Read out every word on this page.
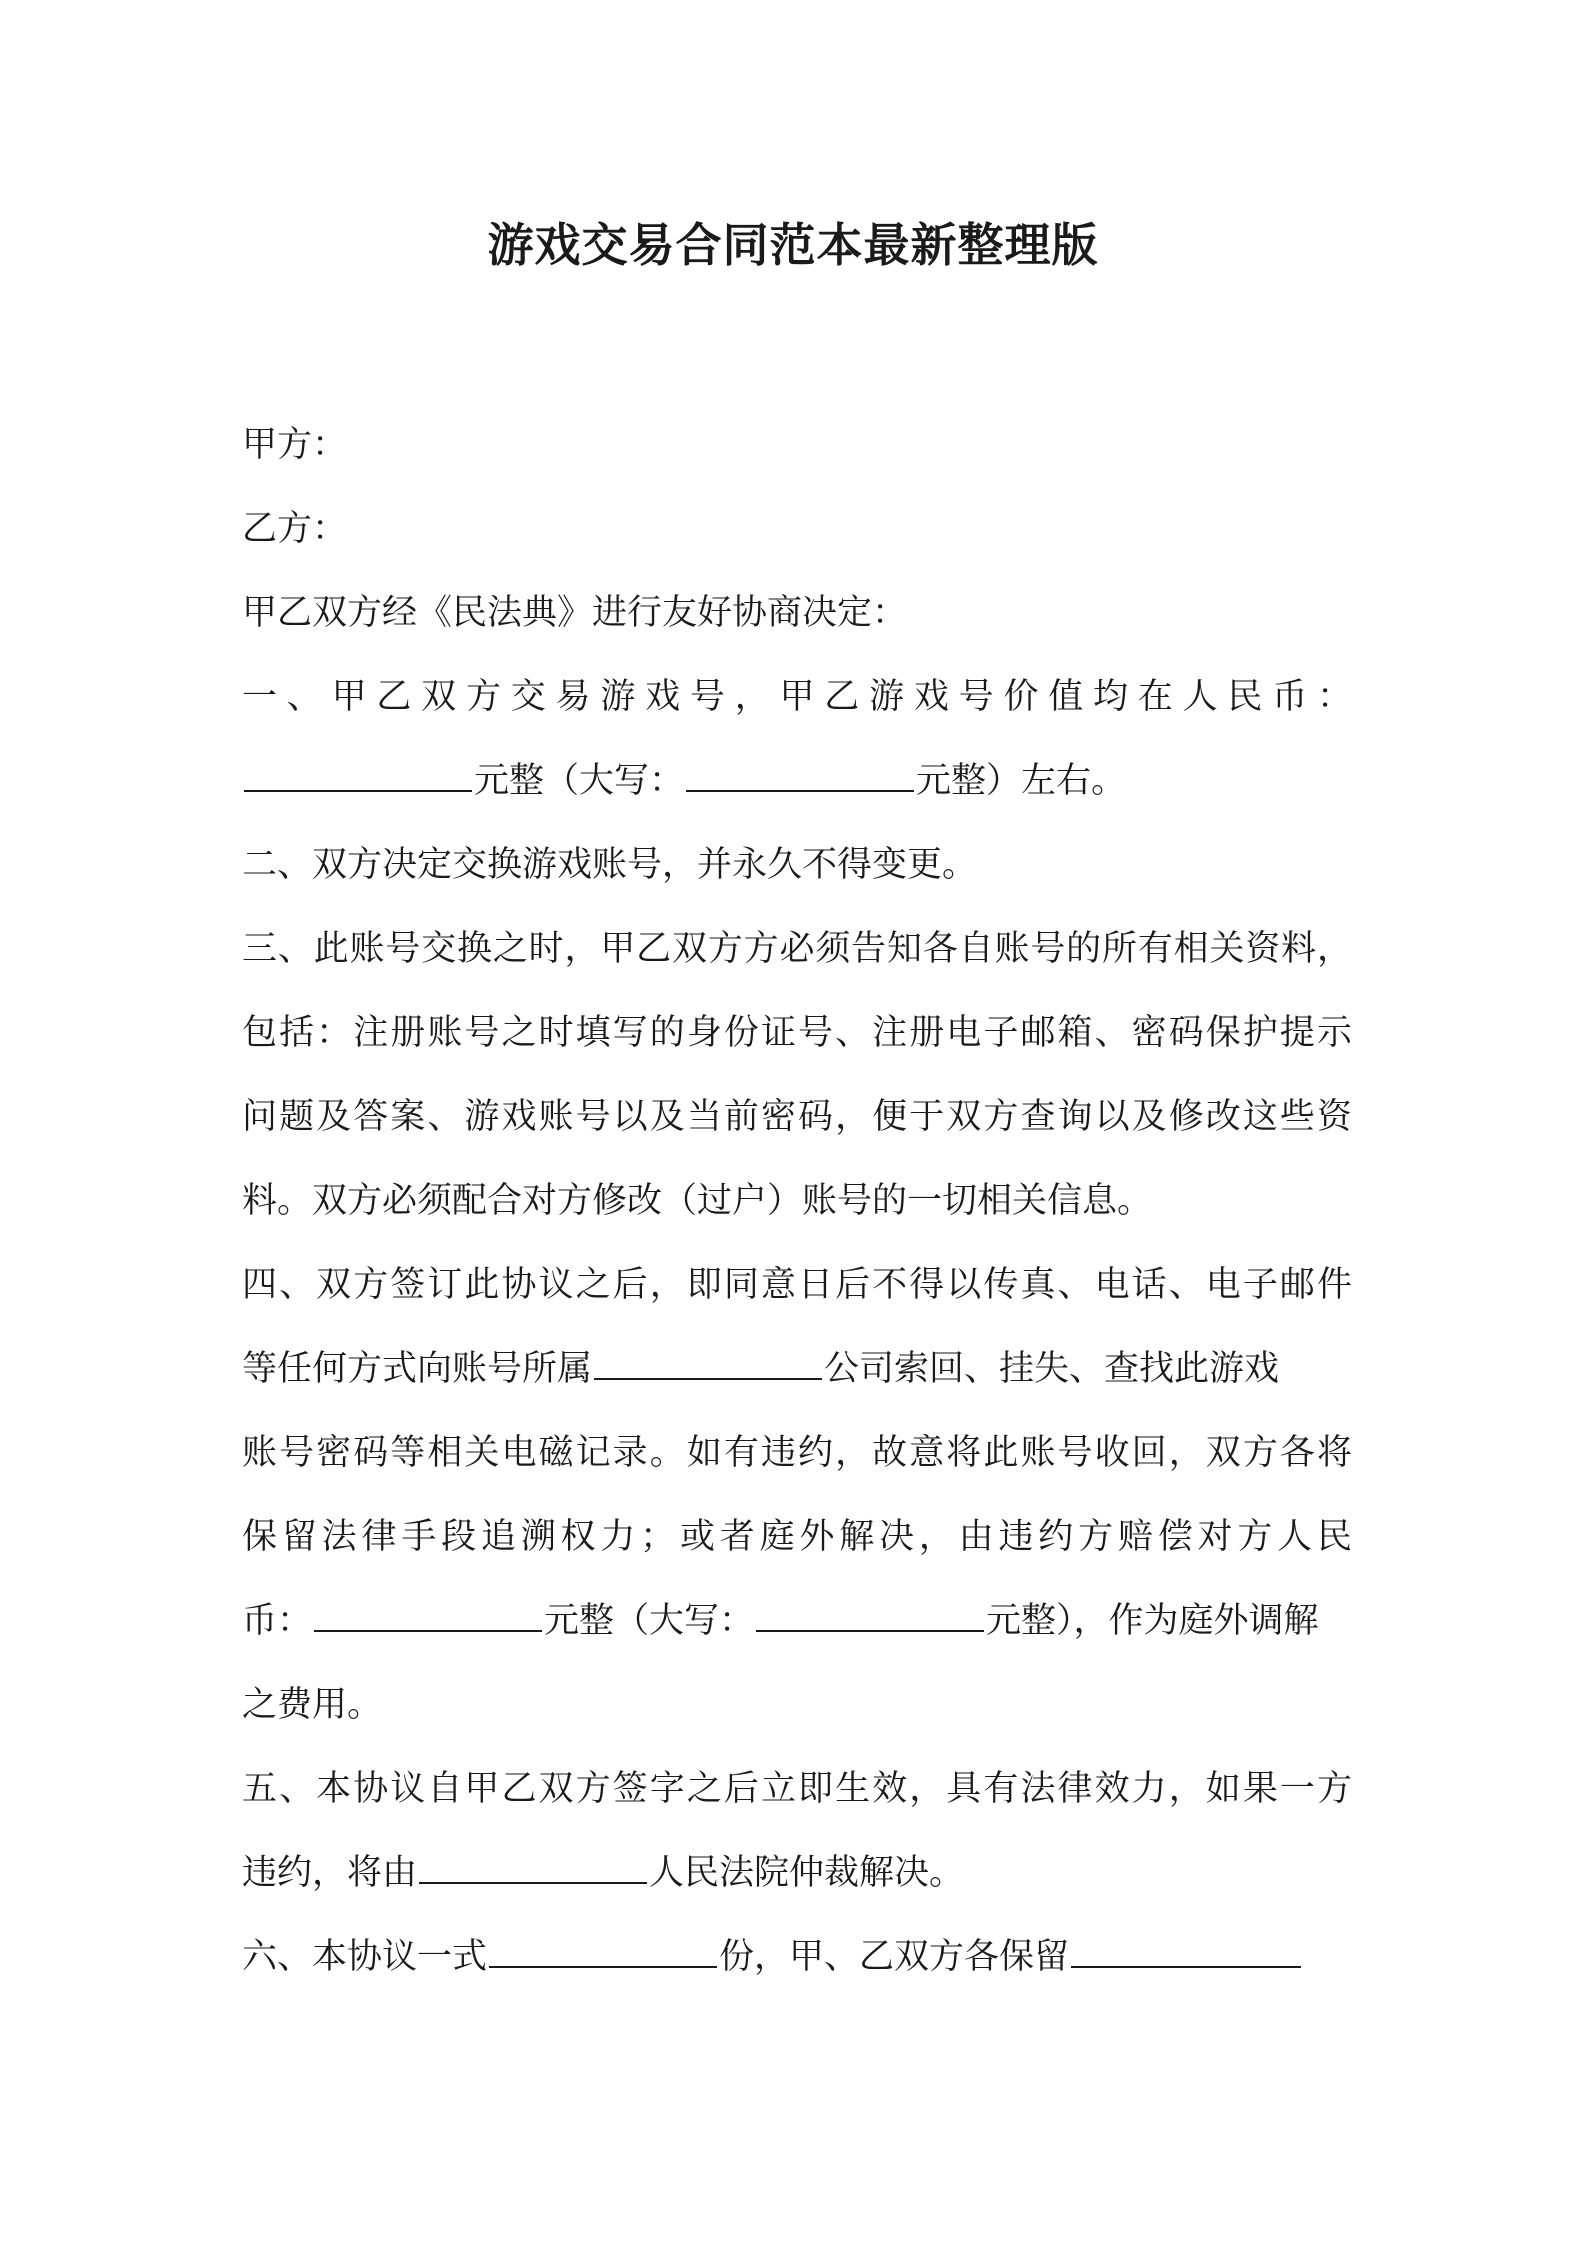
游戏交易合同范本最新整理版
甲方：
乙方：
甲乙双方经《民法典》进行友好协商决定：
一、甲乙双方交易游戏号，甲乙游戏号价值均在人民币：
元整（大写：	元整）左右。
二、双方决定交换游戏账号，并永久不得变更。
三、此账号交换之时，甲乙双方方必须告知各自账号的所有相关资料，
包括：注册账号之时填写的身份证号、注册电子邮箱、密码保护提示
问题及答案、游戏账号以及当前密码，便于双方查询以及修改这些资
料。双方必须配合对方修改（过户）账号的一切相关信息。
四、双方签订此协议之后，即同意日后不得以传真、电话、电子邮件
等任何方式向账号所属	公司索回、挂失、查找此游戏
账号密码等相关电磁记录。如有违约，故意将此账号收回，双方各将
保留法律手段追溯权力；或者庭外解决，由违约方赔偿对方人民
币：	元整（大写：	元整），作为庭外调解
之费用。
五、本协议自甲乙双方签字之后立即生效，具有法律效力，如果一方
违约，将由	人民法院仲裁解决。
六、本协议一式	份，甲、乙双方各保留
